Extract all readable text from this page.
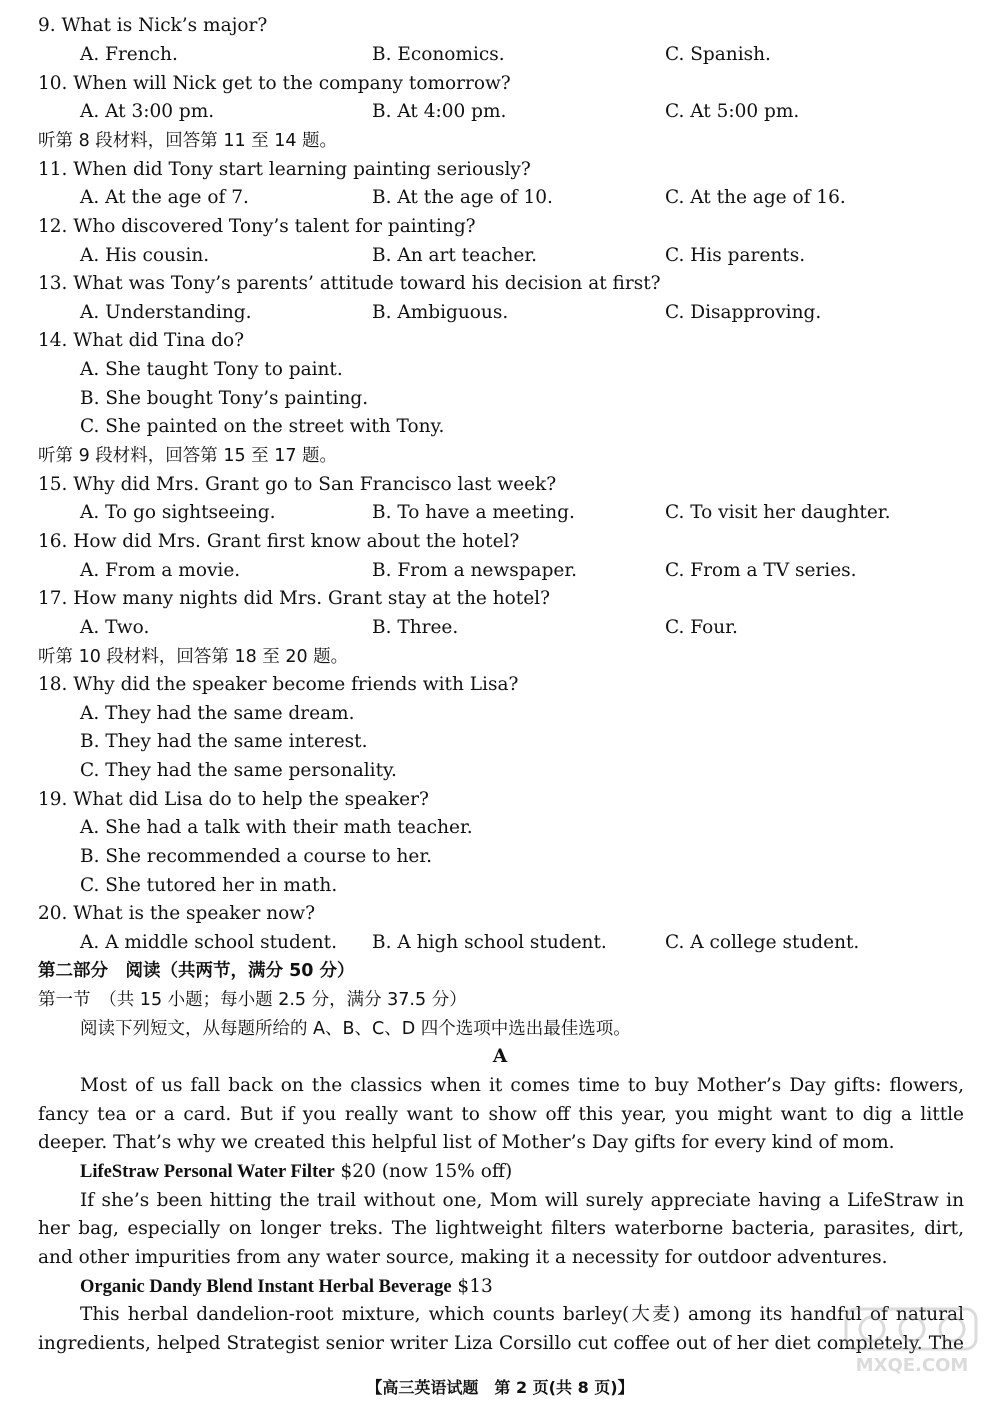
9. What is Nick’s major?
A. French.	B. Economics.	C. Spanish.
10. When will Nick get to the company tomorrow?
A. At 3:00 pm.	B. At 4:00 pm.	C. At 5:00 pm.
听第 8 段材料，回答第 11 至 14 题。
11. When did Tony start learning painting seriously?
A. At the age of 7.	B. At the age of 10.	C. At the age of 16.
12. Who discovered Tony’s talent for painting?
A. His cousin.	B. An art teacher.	C. His parents.
13. What was Tony’s parents’ attitude toward his decision at first?
A. Understanding.	B. Ambiguous.	C. Disapproving.
14. What did Tina do?
A. She taught Tony to paint.
B. She bought Tony’s painting.
C. She painted on the street with Tony.
听第 9 段材料，回答第 15 至 17 题。
15. Why did Mrs. Grant go to San Francisco last week?
A. To go sightseeing.	B. To have a meeting.	C. To visit her daughter.
16. How did Mrs. Grant first know about the hotel?
A. From a movie.	B. From a newspaper.	C. From a TV series.
17. How many nights did Mrs. Grant stay at the hotel?
A. Two.	B. Three.	C. Four.
听第 10 段材料，回答第 18 至 20 题。
18. Why did the speaker become friends with Lisa?
A. They had the same dream.
B. They had the same interest.
C. They had the same personality.
19. What did Lisa do to help the speaker?
A. She had a talk with their math teacher.
B. She recommended a course to her.
C. She tutored her in math.
20. What is the speaker now?
A. A middle school student. B. A high school student.	C. A college student.
第二部分　阅读（共两节，满分 50 分）
第一节　（共 15 小题；每小题 2.5 分，满分 37.5 分）
阅读下列短文，从每题所给的 A、B、C、D 四个选项中选出最佳选项。
A
Most of us fall back on the classics when it comes time to buy Mother’s Day gifts: flowers,
fancy tea or a card. But if you really want to show off this year, you might want to dig a little
deeper. That’s why we created this helpful list of Mother’s Day gifts for every kind of mom.
LifeStraw Personal Water Filter $20 (now 15% off)
If she’s been hitting the trail without one, Mom will surely appreciate having a LifeStraw in
her bag, especially on longer treks. The lightweight filters waterborne bacteria, parasites, dirt,
and other impurities from any water source, making it a necessity for outdoor adventures.
Organic Dandy Blend Instant Herbal Beverage $13
This herbal dandelion-root mixture, which counts barley(大麦) among its handful of natural
ingredients, helped Strategist senior writer Liza Corsillo cut coffee out of her diet completely. The
【高三英语试题　第 2 页(共 8 页)】
MXQE.COM
